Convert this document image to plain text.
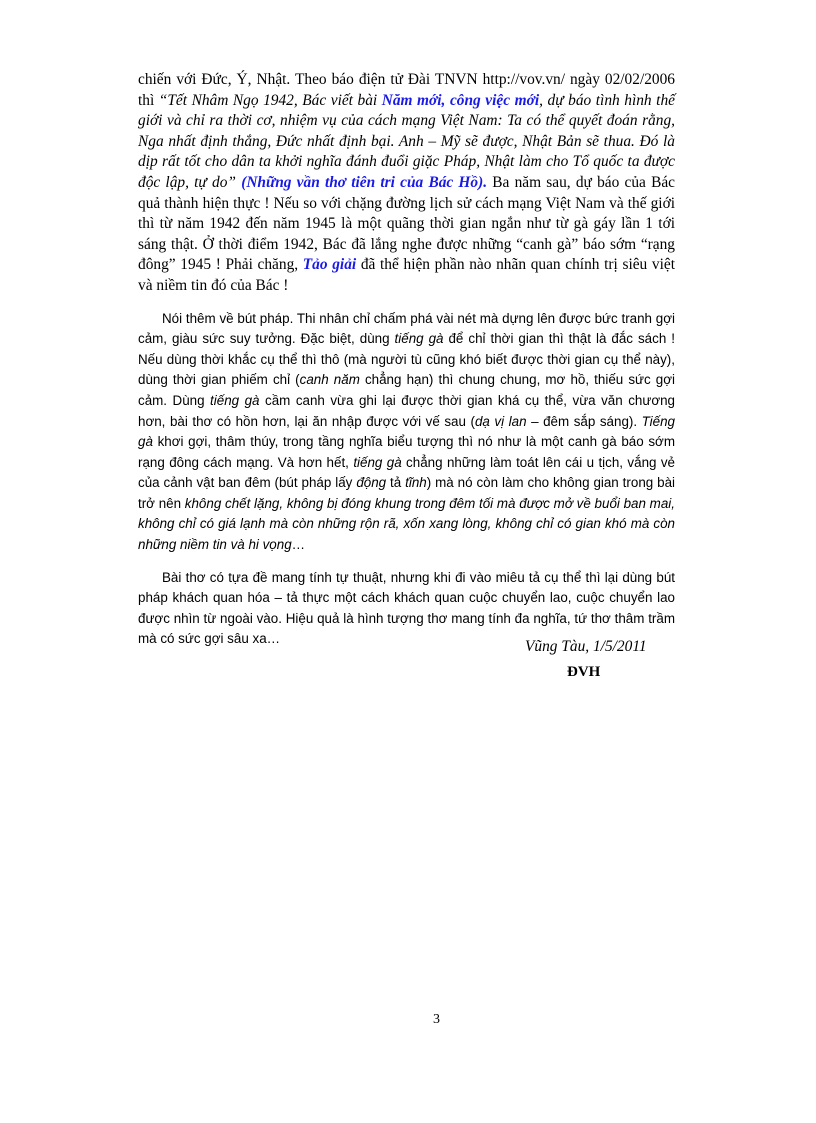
chiến với Đức, Ý, Nhật. Theo báo điện tử Đài TNVN http://vov.vn/ ngày 02/02/2006 thì “Tết Nhâm Ngọ 1942, Bác viết bài Năm mới, công việc mới, dự báo tình hình thế giới và chỉ ra thời cơ, nhiệm vụ của cách mạng Việt Nam: Ta có thể quyết đoán rằng, Nga nhất định thắng, Đức nhất định bại. Anh – Mỹ sẽ được, Nhật Bản sẽ thua. Đó là dịp rất tốt cho dân ta khởi nghĩa đánh đuổi giặc Pháp, Nhật làm cho Tổ quốc ta được độc lập, tự do” (Những vần thơ tiên tri của Bác Hồ). Ba năm sau, dự báo của Bác quả thành hiện thực ! Nếu so với chặng đường lịch sử cách mạng Việt Nam và thế giới thì từ năm 1942 đến năm 1945 là một quãng thời gian ngắn như từ gà gáy lần 1 tới sáng thật. Ở thời điểm 1942, Bác đã lắng nghe được những “canh gà” báo sớm “rạng đông” 1945 ! Phải chăng, Tảo giải đã thể hiện phần nào nhãn quan chính trị siêu việt và niềm tin đó của Bác !

Nói thêm về bút pháp. Thi nhân chỉ chấm phá vài nét mà dựng lên được bức tranh gợi cảm, giàu sức suy tưởng. Đặc biệt, dùng tiếng gà để chỉ thời gian thì thật là đắc sách ! Nếu dùng thời khắc cụ thể thì thô (mà người tù cũng khó biết được thời gian cụ thể này), dùng thời gian phiếm chỉ (canh năm chẳng hạn) thì chung chung, mơ hồ, thiếu sức gợi cảm. Dùng tiếng gà cầm canh vừa ghi lại được thời gian khá cụ thể, vừa văn chương hơn, bài thơ có hồn hơn, lại ăn nhập được với vế sau (dạ vị lan – đêm sắp sáng). Tiếng gà khơi gợi, thâm thúy, trong tầng nghĩa biểu tượng thì nó như là một canh gà báo sớm rạng đông cách mạng. Và hơn hết, tiếng gà chẳng những làm toát lên cái u tịch, vắng vẻ của cảnh vật ban đêm (bút pháp lấy động tả tĩnh) mà nó còn làm cho không gian trong bài trở nên không chết lặng, không bị đóng khung trong đêm tối mà được mở về buổi ban mai, không chỉ có giá lạnh mà còn những rộn rã, xốn xang lòng, không chỉ có gian khó mà còn những niềm tin và hi vọng…

Bài thơ có tựa đề mang tính tự thuật, nhưng khi đi vào miêu tả cụ thể thì lại dùng bút pháp khách quan hóa – tả thực một cách khách quan cuộc chuyển lao, cuộc chuyển lao được nhìn từ ngoài vào. Hiệu quả là hình tượng thơ mang tính đa nghĩa, tứ thơ thâm trầm mà có sức gợi sâu xa…	Vũng Tàu, 1/5/2011
ĐVH
3
